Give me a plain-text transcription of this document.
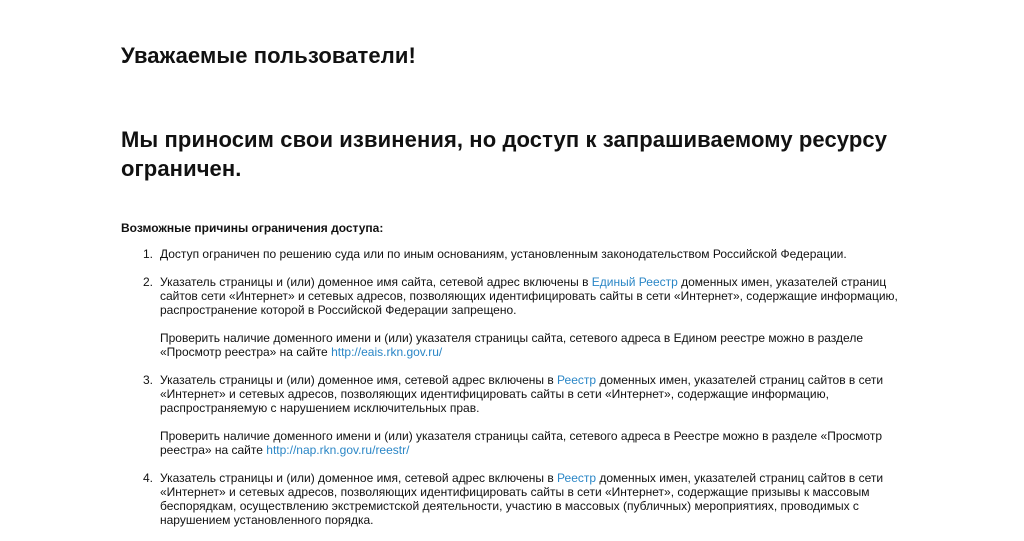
Уважаемые пользователи!
Мы приносим свои извинения, но доступ к запрашиваемому ресурсу ограничен.
Возможные причины ограничения доступа:
1. Доступ ограничен по решению суда или по иным основаниям, установленным законодательством Российской Федерации.
2. Указатель страницы и (или) доменное имя сайта, сетевой адрес включены в Единый Реестр доменных имен, указателей страниц сайтов сети «Интернет» и сетевых адресов, позволяющих идентифицировать сайты в сети «Интернет», содержащие информацию, распространение которой в Российской Федерации запрещено.
Проверить наличие доменного имени и (или) указателя страницы сайта, сетевого адреса в Едином реестре можно в разделе «Просмотр реестра» на сайте http://eais.rkn.gov.ru/
3. Указатель страницы и (или) доменное имя, сетевой адрес включены в Реестр доменных имен, указателей страниц сайтов в сети «Интернет» и сетевых адресов, позволяющих идентифицировать сайты в сети «Интернет», содержащие информацию, распространяемую с нарушением исключительных прав.
Проверить наличие доменного имени и (или) указателя страницы сайта, сетевого адреса в Реестре можно в разделе «Просмотр реестра» на сайте http://nap.rkn.gov.ru/reestr/
4. Указатель страницы и (или) доменное имя, сетевой адрес включены в Реестр доменных имен, указателей страниц сайтов в сети «Интернет» и сетевых адресов, позволяющих идентифицировать сайты в сети «Интернет», содержащие призывы к массовым беспорядкам, осуществлению экстремистской деятельности, участию в массовых (публичных) мероприятиях, проводимых с нарушением установленного порядка.
